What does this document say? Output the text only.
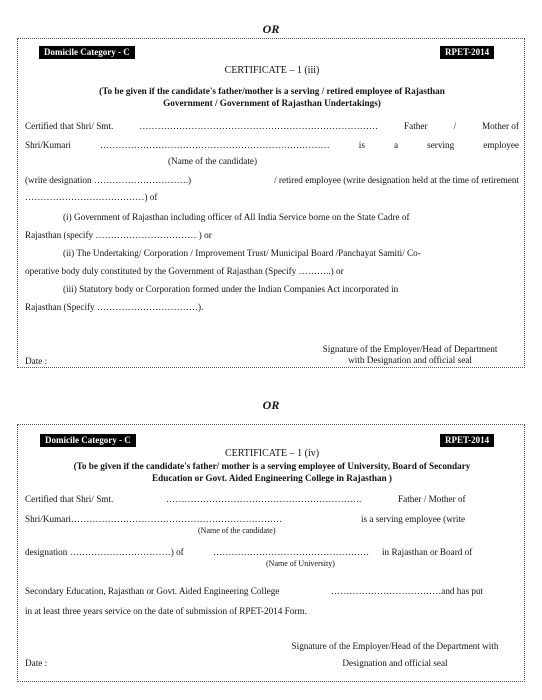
OR
Domicile Category - C	RPET-2014
CERTIFICATE – 1 (iii)
(To be given if the candidate's father/mother is a serving / retired employee of Rajasthan
Government / Government of Rajasthan Undertakings)
Certified that Shri/ Smt.	……………………………………………………………………	Father	/	Mother of
Shri/Kumari	…………………………………………………………………	is	a	serving	employee
(Name of the candidate)
(write designation ………………………….)	/ retired employee (write designation held at the time of retirement
…………………………………) of
(i) Government of Rajasthan including officer of All India Service borne on the State Cadre of
Rajasthan (specify …………………………… ) or
(ii) The Undertaking/ Corporation / Improvement Trust/ Municipal Board /Panchayat Samiti/ Co-
operative body duly constituted by the Government of Rajasthan (Specify ………..) or
(iii) Statutory body or Corporation formed under the Indian Companies Act incorporated in
Rajasthan (Specify ……………………………).
Signature of the Employer/Head of Department
with Designation and official seal
Date :
OR
Domicile Category - C	RPET-2014
CERTIFICATE – 1 (iv)
(To be given if the candidate's father/ mother is a serving employee of University, Board of Secondary
Education or Govt. Aided Engineering College in Rajasthan )
Certified that Shri/ Smt.	……………………………………………………….	Father / Mother of
Shri/Kumari……………………………………………………………	is a serving employee (write
(Name of the candidate)
designation ……………………………) of	…………………………………………… in Rajasthan or Board of
(Name of University)
Secondary Education, Rajasthan or Govt. Aided Engineering College	………………………………and has put
in at least three years service on the date of submission of RPET-2014 Form.
Signature of the Employer/Head of the Department with
Designation and official seal
Date :
